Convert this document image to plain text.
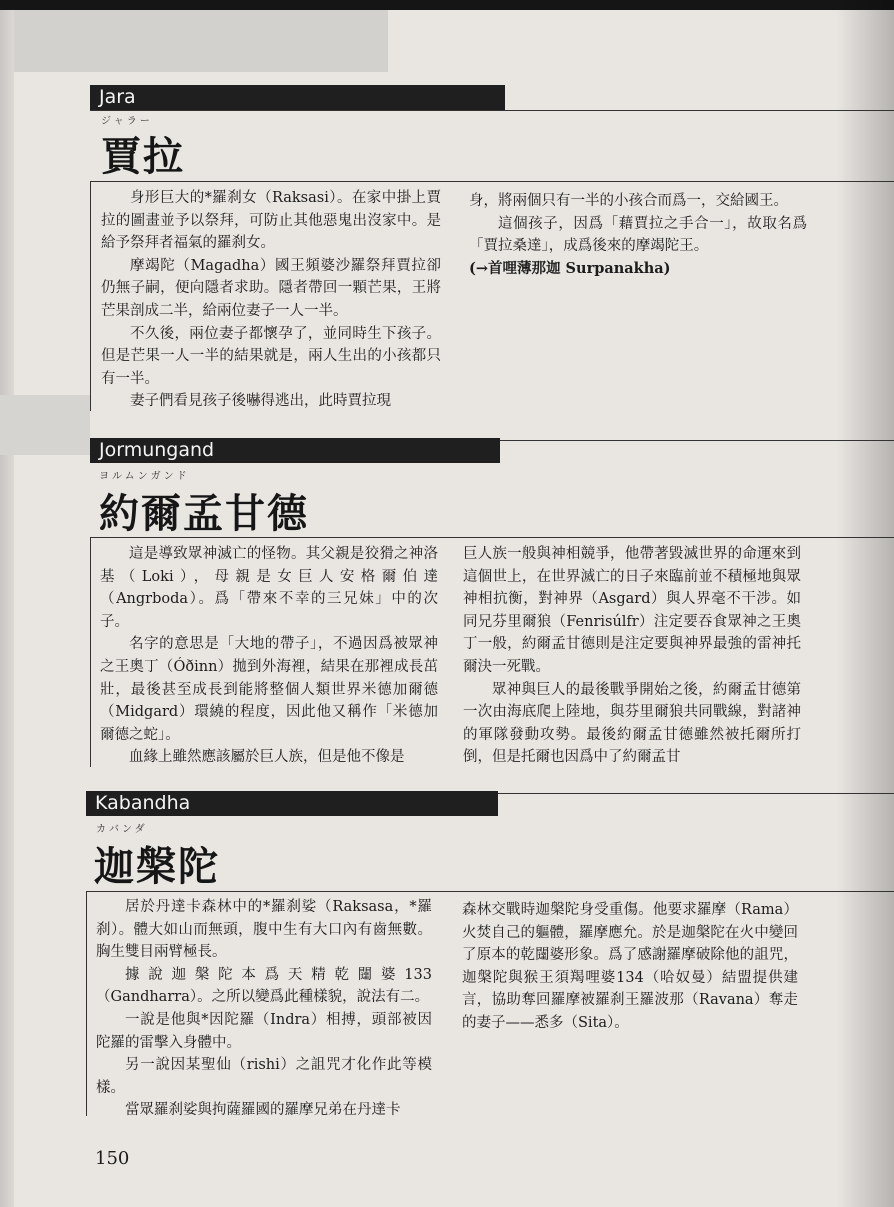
Jara
ジャラー
賈拉

身形巨大的*羅刹女（Raksasi）。在家中掛上賈拉的圖畫並予以祭拜，可防止其他惡鬼出沒家中。是給予祭拜者福氣的羅刹女。

摩竭陀（Magadha）國王頻婆沙羅祭拜賈拉卻仍無子嗣，便向隱者求助。隱者帶回一顆芒果，王將芒果剖成二半，給兩位妻子一人一半。

不久後，兩位妻子都懷孕了，並同時生下孩子。但是芒果一人一半的結果就是，兩人生出的小孩都只有一半。

妻子們看見孩子後嚇得逃出，此時賈拉現

身，將兩個只有一半的小孩合而爲一，交給國王。

這個孩子，因爲「藉賈拉之手合一」，故取名爲「賈拉桑達」，成爲後來的摩竭陀王。

(→首哩薄那迦 Surpanakha)

Jormungand
ヨルムンガンド
約爾孟甘德

這是導致眾神滅亡的怪物。其父親是狡猾之神洛基（Loki），母親是女巨人安格爾伯達（Angrboda）。爲「帶來不幸的三兄妹」中的次子。

名字的意思是「大地的帶子」，不過因爲被眾神之王奧丁（Óðinn）拋到外海裡，結果在那裡成長茁壯，最後甚至成長到能將整個人類世界米德加爾德（Midgard）環繞的程度，因此他又稱作「米德加爾德之蛇」。

血緣上雖然應該屬於巨人族，但是他不像是

巨人族一般與神相競爭，他帶著毀滅世界的命運來到這個世上，在世界滅亡的日子來臨前並不積極地與眾神相抗衡，對神界（Asgard）與人界毫不干涉。如同兄芬里爾狼（Fenrisúlfr）注定要吞食眾神之王奧丁一般，約爾孟甘德則是注定要與神界最強的雷神托爾決一死戰。

眾神與巨人的最後戰爭開始之後，約爾孟甘德第一次由海底爬上陸地，與芬里爾狼共同戰線，對諸神的軍隊發動攻勢。最後約爾孟甘德雖然被托爾所打倒，但是托爾也因爲中了約爾孟甘

Kabandha
カバンダ
迦槃陀

居於丹達卡森林中的*羅刹娑（Raksasa，*羅刹）。體大如山而無頭，腹中生有大口內有齒無數。胸生雙目兩臂極長。

據說迦槃陀本爲天精乾闥婆133（Gandharra）。之所以變爲此種樣貌，說法有二。

一說是他與*因陀羅（Indra）相搏，頭部被因陀羅的雷擊入身體中。

另一說因某聖仙（rishi）之詛咒才化作此等模樣。

當眾羅刹娑與拘薩羅國的羅摩兄弟在丹達卡

森林交戰時迦槃陀身受重傷。他要求羅摩（Rama）火焚自己的軀體，羅摩應允。於是迦槃陀在火中變回了原本的乾闥婆形象。爲了感謝羅摩破除他的詛咒，迦槃陀與猴王須羯哩婆134（哈奴曼）結盟提供建言，協助奪回羅摩被羅刹王羅波那（Ravana）奪走的妻子——悉多（Sita）。

150
